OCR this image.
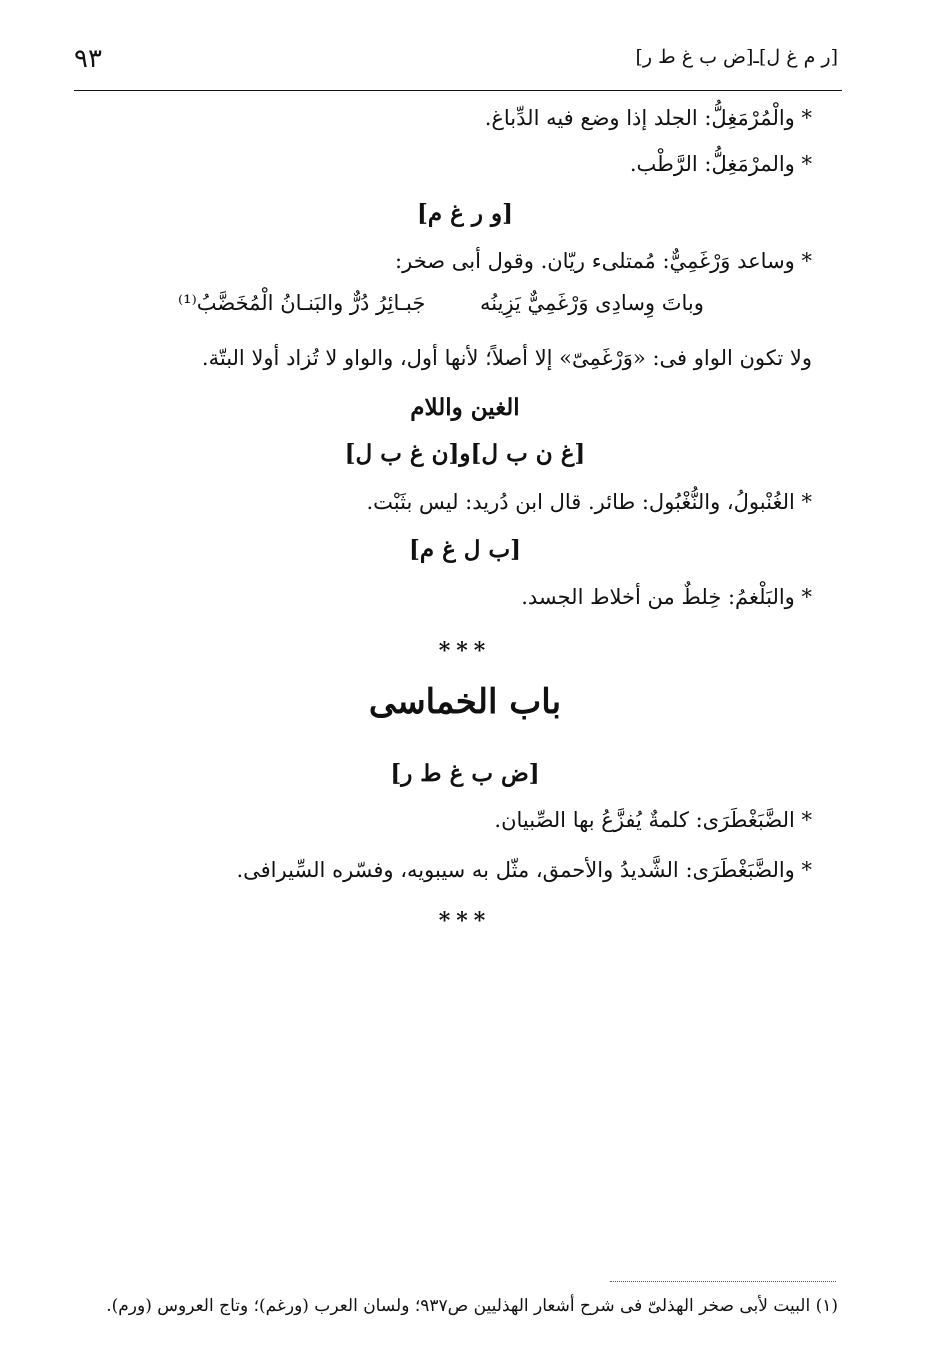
[ر م غ ل]ـ[ض ب غ ط ر]
٩٣
* والْمُرْمَغِلُّ: الجلد إذا وضع فيه الدِّباغ.
* والمرْمَغِلُّ: الرَّطْب.
[و ر غ م]
* وساعد وَرْغَمِيٌّ: مُمتلىء ريّان. وقول أبى صخر:
وباتَ وِسادِى وَرْغَمِيٌّ يَزِينُه
جَبـائِرُ دُرٌّ والبَنـانُ الْمُخَضَّبُ⁽¹⁾
ولا تكون الواو فى: «وَرْغَمِىّ» إلا أصلاً؛ لأنها أول، والواو لا تُزاد أولا البتّة.
الغين واللام
[غ ن ب ل]و[ن غ ب ل]
* الغُنْبولُ، والنُّغْبُول: طائر. قال ابن دُريد: ليس بثَبْت.
[ب ل غ م]
* والبَلْغمُ: خِلطٌ من أخلاط الجسد.
***
باب الخماسى
[ض ب غ ط ر]
* الضَّبَغْطَرَى: كلمةٌ يُفزَّعُ بها الصِّبيان.
* والضَّبَغْطَرَى: الشَّديدُ والأحمق، مثّل به سيبويه، وفسّره السِّيرافى.
***
(١) البيت لأبى صخر الهذلىّ فى شرح أشعار الهذليين ص٩٣٧؛ ولسان العرب (ورغم)؛ وتاج العروس (ورم).
